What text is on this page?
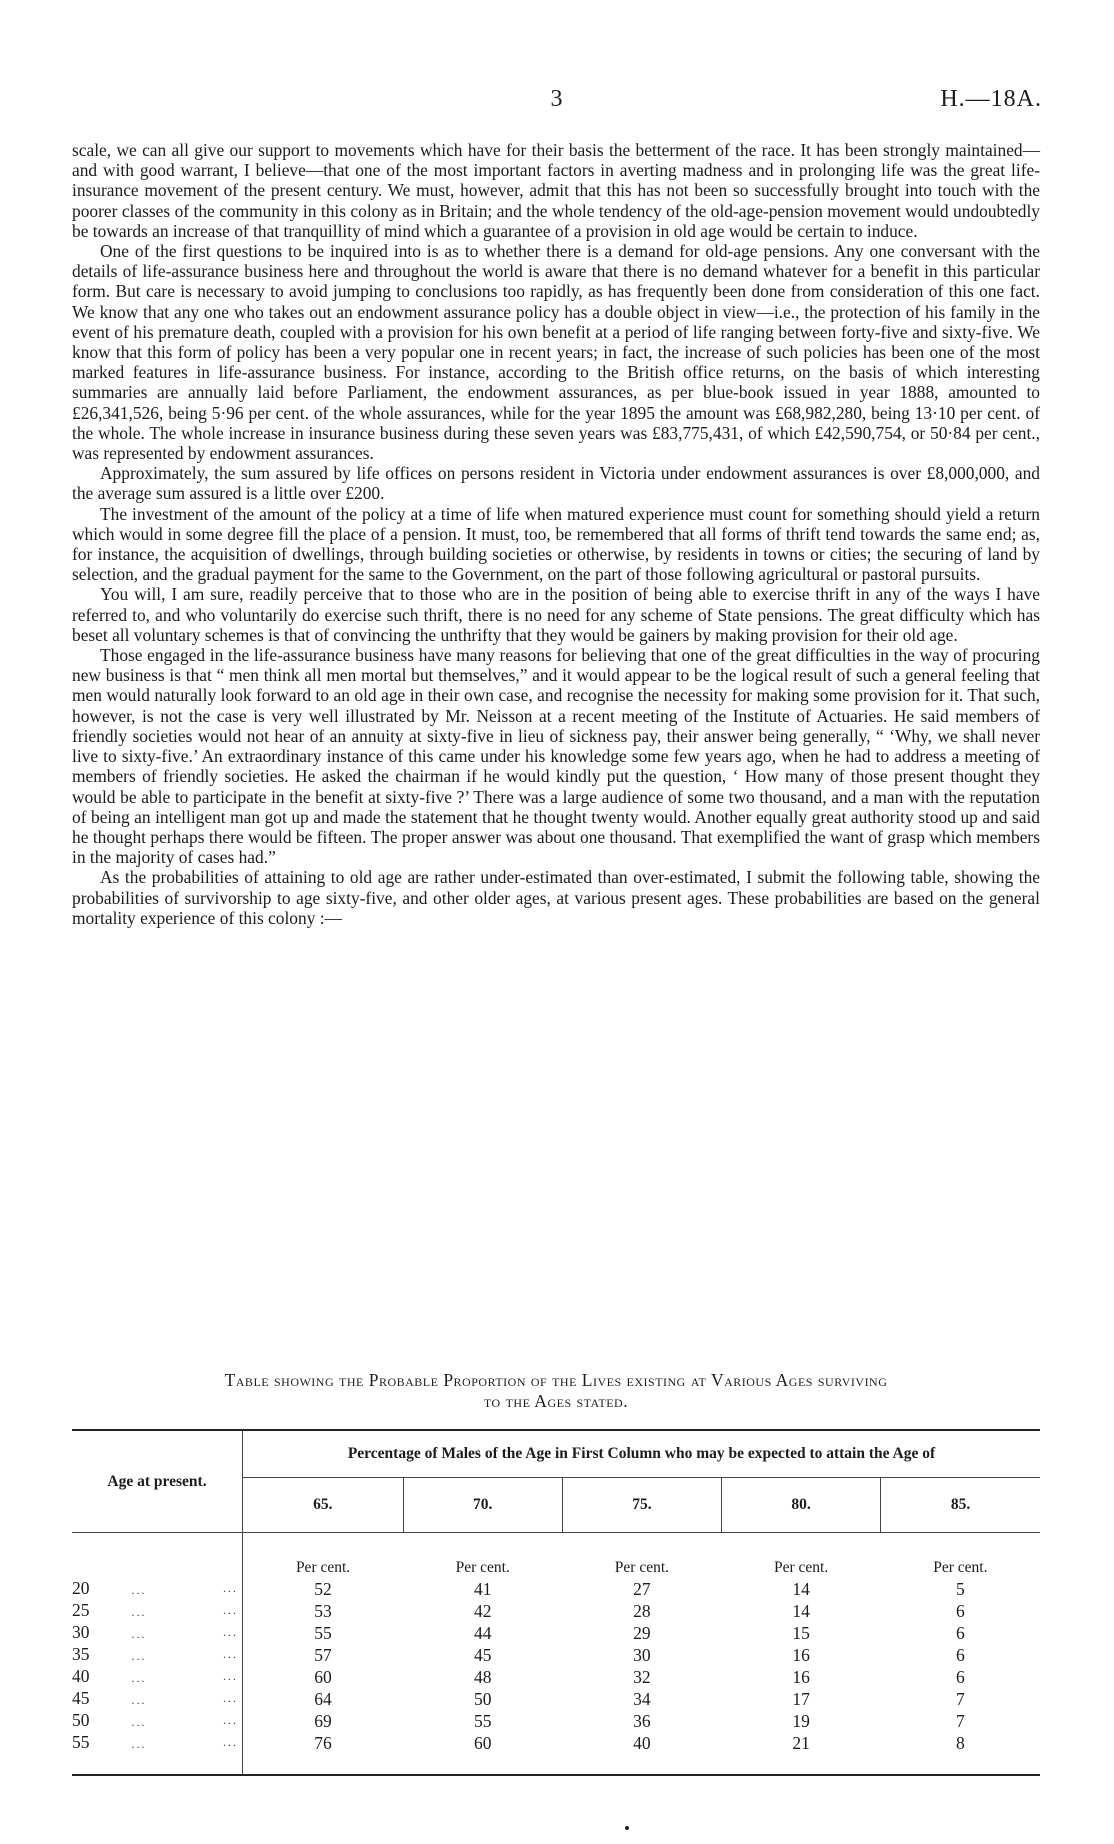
3	H.—18A.

scale, we can all give our support to movements which have for their basis the betterment of the race. It has been strongly maintained—and with good warrant, I believe—that one of the most important factors in averting madness and in prolonging life was the great life-insurance movement of the present century. We must, however, admit that this has not been so successfully brought into touch with the poorer classes of the community in this colony as in Britain; and the whole tendency of the old-age-pension movement would undoubtedly be towards an increase of that tranquillity of mind which a guarantee of a provision in old age would be certain to induce.

One of the first questions to be inquired into is as to whether there is a demand for old-age pensions. Any one conversant with the details of life-assurance business here and throughout the world is aware that there is no demand whatever for a benefit in this particular form. But care is necessary to avoid jumping to conclusions too rapidly, as has frequently been done from consideration of this one fact. We know that any one who takes out an endowment assurance policy has a double object in view—i.e., the protection of his family in the event of his premature death, coupled with a provision for his own benefit at a period of life ranging between forty-five and sixty-five. We know that this form of policy has been a very popular one in recent years; in fact, the increase of such policies has been one of the most marked features in life-assurance business. For instance, according to the British office returns, on the basis of which interesting summaries are annually laid before Parliament, the endowment assurances, as per blue-book issued in year 1888, amounted to £26,341,526, being 5·96 per cent. of the whole assurances, while for the year 1895 the amount was £68,982,280, being 13·10 per cent. of the whole. The whole increase in insurance business during these seven years was £83,775,431, of which £42,590,754, or 50·84 per cent., was represented by endowment assurances.

Approximately, the sum assured by life offices on persons resident in Victoria under endowment assurances is over £8,000,000, and the average sum assured is a little over £200.

The investment of the amount of the policy at a time of life when matured experience must count for something should yield a return which would in some degree fill the place of a pension. It must, too, be remembered that all forms of thrift tend towards the same end; as, for instance, the acquisition of dwellings, through building societies or otherwise, by residents in towns or cities; the securing of land by selection, and the gradual payment for the same to the Government, on the part of those following agricultural or pastoral pursuits.

You will, I am sure, readily perceive that to those who are in the position of being able to exercise thrift in any of the ways I have referred to, and who voluntarily do exercise such thrift, there is no need for any scheme of State pensions. The great difficulty which has beset all voluntary schemes is that of convincing the unthrifty that they would be gainers by making provision for their old age.

Those engaged in the life-assurance business have many reasons for believing that one of the great difficulties in the way of procuring new business is that “ men think all men mortal but themselves,” and it would appear to be the logical result of such a general feeling that men would naturally look forward to an old age in their own case, and recognise the necessity for making some provision for it. That such, however, is not the case is very well illustrated by Mr. Neisson at a recent meeting of the Institute of Actuaries. He said members of friendly societies would not hear of an annuity at sixty-five in lieu of sickness pay, their answer being generally, “ ‘Why, we shall never live to sixty-five.’ An extraordinary instance of this came under his knowledge some few years ago, when he had to address a meeting of members of friendly societies. He asked the chairman if he would kindly put the question, ‘ How many of those present thought they would be able to participate in the benefit at sixty-five ?’ There was a large audience of some two thousand, and a man with the reputation of being an intelligent man got up and made the statement that he thought twenty would. Another equally great authority stood up and said he thought perhaps there would be fifteen. The proper answer was about one thousand. That exemplified the want of grasp which members in the majority of cases had.”

As the probabilities of attaining to old age are rather under-estimated than over-estimated, I submit the following table, showing the probabilities of survivorship to age sixty-five, and other older ages, at various present ages. These probabilities are based on the general mortality experience of this colony :—

Table showing the Probable Proportion of the Lives existing at Various Ages surviving
to the Ages stated.
Age at present.	Percentage of Males of the Age in First Column who may be expected to attain the Age of				
	65.	70.	75.	80.	85.
	Per cent.	Per cent.	Per cent.	Per cent.	Per cent.
20 ... ...	52	41	27	14	5
25 ... ...	53	42	28	14	6
30 ... ...	55	44	29	15	6
35 ... ...	57	45	30	16	6
40 ... ...	60	48	32	16	6
45 ... ...	64	50	34	17	7
50 ... ...	69	55	36	19	7
55 ... ...	76	60	40	21	8
